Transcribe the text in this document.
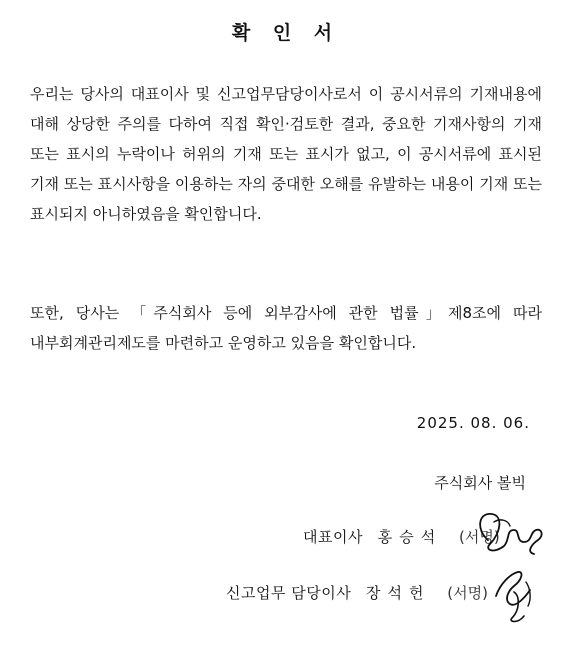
확 인 서
우리는 당사의 대표이사 및 신고업무담당이사로서 이 공시서류의 기재내용에 대해 상당한 주의를 다하여 직접 확인·검토한 결과, 중요한 기재사항의 기재 또는 표시의 누락이나 허위의 기재 또는 표시가 없고, 이 공시서류에 표시된 기재 또는 표시사항을 이용하는 자의 중대한 오해를 유발하는 내용이 기재 또는 표시되지 아니하였음을 확인합니다.
또한, 당사는 「주식회사 등에 외부감사에 관한 법률」제8조에 따라 내부회계관리제도를 마련하고 운영하고 있음을 확인합니다.
2025. 08. 06.
주식회사 볼빅
대표이사 홍승석 (서명)
신고업무 담당이사 장석헌 (서명)
